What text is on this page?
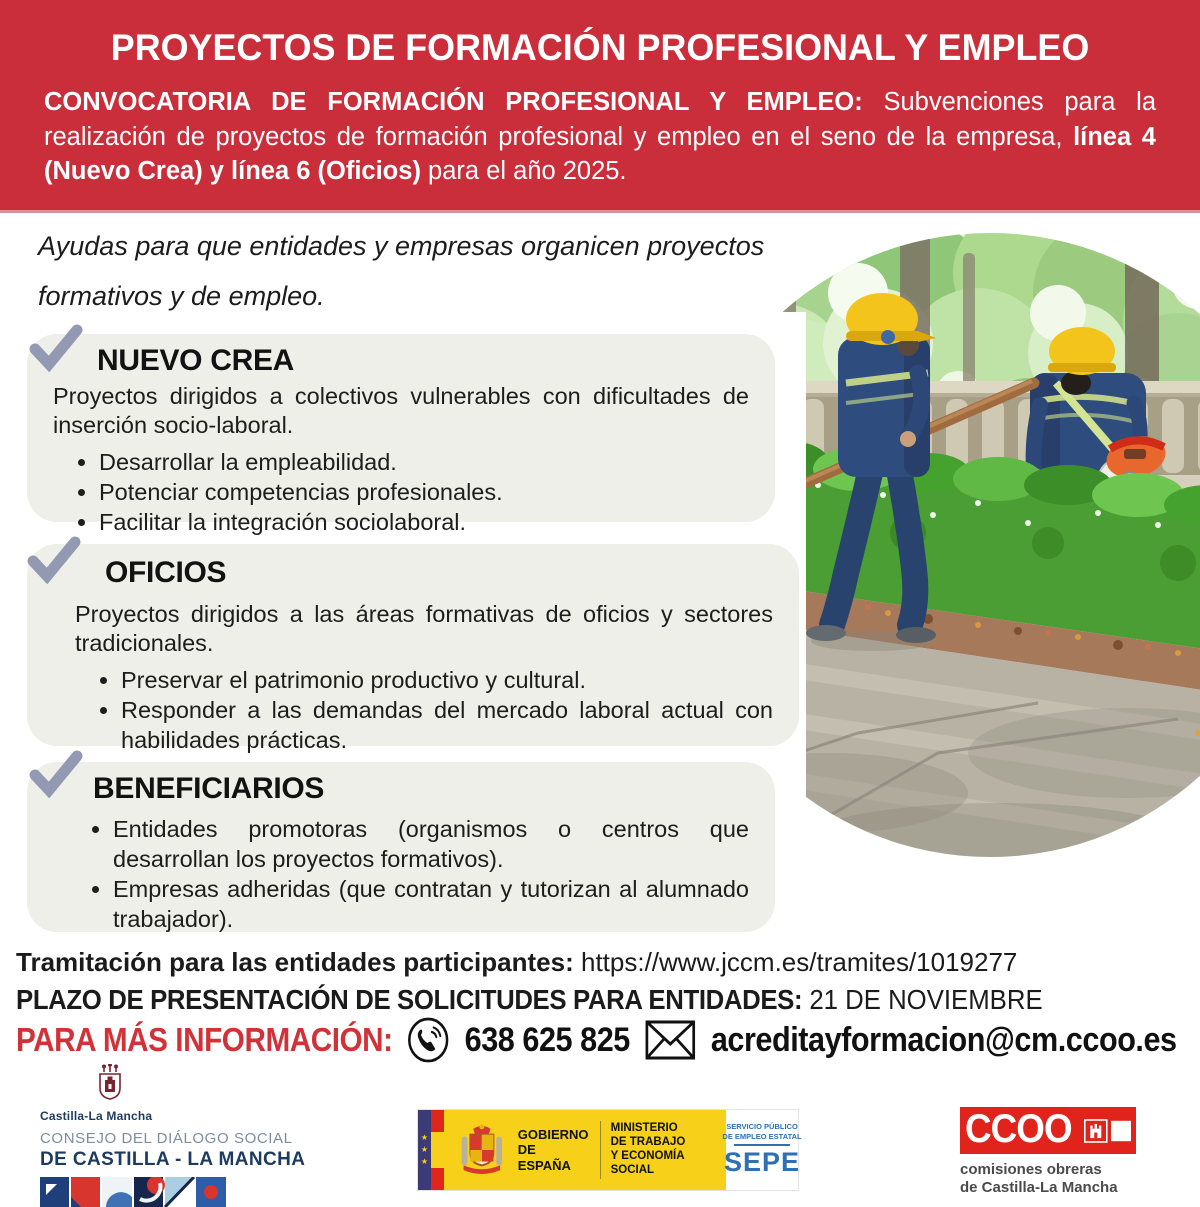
PROYECTOS DE FORMACIÓN PROFESIONAL Y EMPLEO
CONVOCATORIA DE FORMACIÓN PROFESIONAL Y EMPLEO: Subvenciones para la realización de proyectos de formación profesional y empleo en el seno de la empresa, línea 4 (Nuevo Crea) y línea 6 (Oficios) para el año 2025.
Ayudas para que entidades y empresas organicen proyectos formativos y de empleo.
NUEVO CREA

Proyectos dirigidos a colectivos vulnerables con dificultades de inserción socio-laboral.

• Desarrollar la empleabilidad.
• Potenciar competencias profesionales.
• Facilitar la integración sociolaboral.
OFICIOS

Proyectos dirigidos a las áreas formativas de oficios y sectores tradicionales.

• Preservar el patrimonio productivo y cultural.
• Responder a las demandas del mercado laboral actual con habilidades prácticas.
BENEFICIARIOS
• Entidades promotoras (organismos o centros que desarrollan los proyectos formativos).
• Empresas adheridas (que contratan y tutorizan al alumnado trabajador).
Tramitación para las entidades participantes: https://www.jccm.es/tramites/1019277
PLAZO DE PRESENTACIÓN DE SOLICITUDES PARA ENTIDADES: 21 DE NOVIEMBRE
PARA MÁS INFORMACIÓN: 638 625 825 acreditayformacion@cm.ccoo.es
Castilla-La Mancha
CONSEJO DEL DIÁLOGO SOCIAL
DE CASTILLA - LA MANCHA
★
★
★
GOBIERNO
DE ESPAÑA
MINISTERIO
DE TRABAJO
Y ECONOMÍA SOCIAL
SERVICIO PÚBLICO
DE EMPLEO ESTATAL
SEPE
CCOO
comisiones obreras
de Castilla-La Mancha
